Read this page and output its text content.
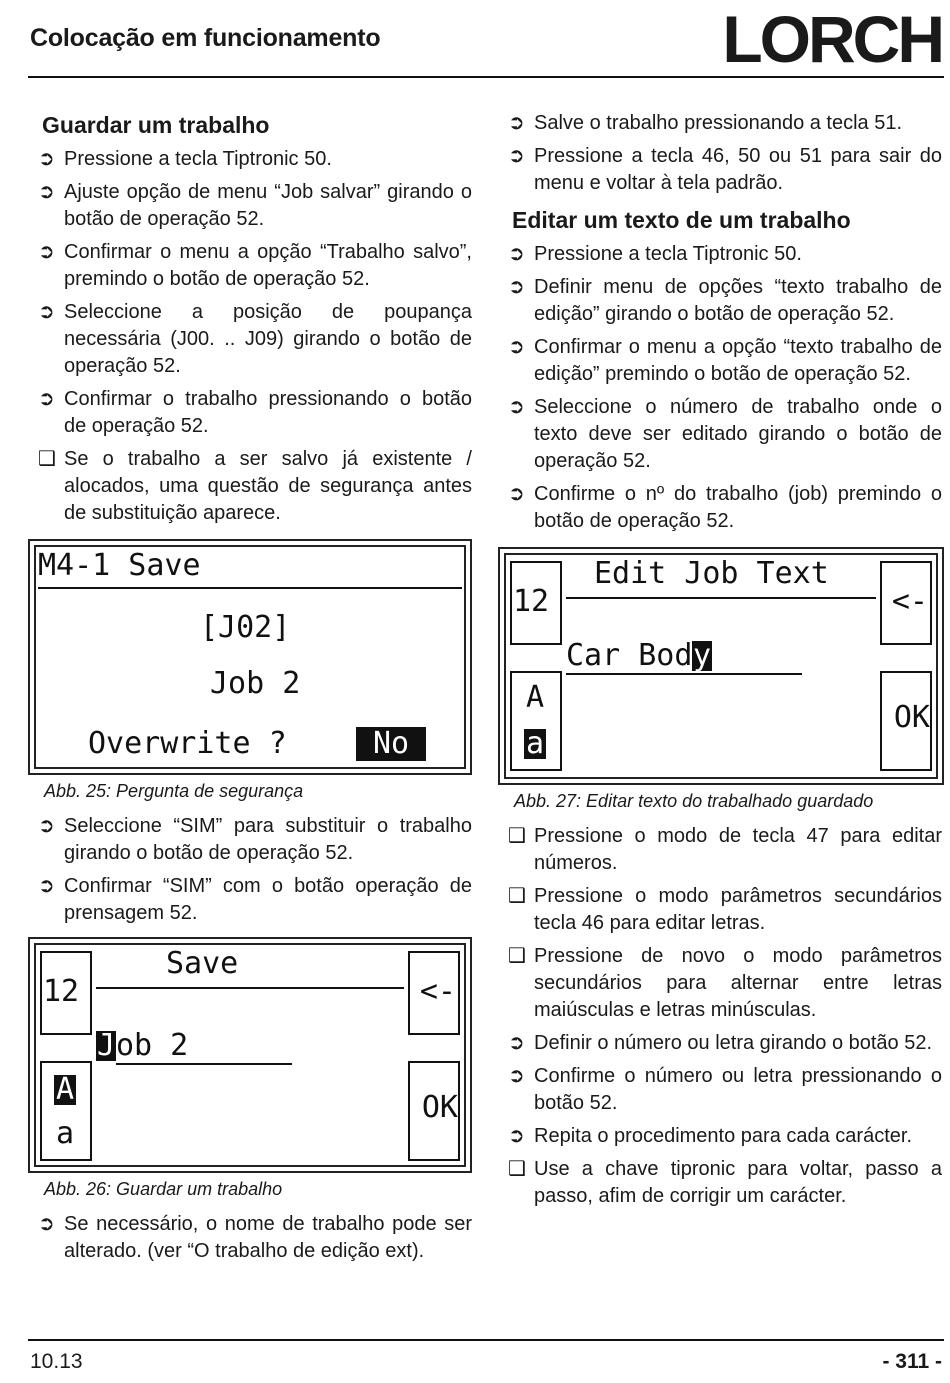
Colocação em funcionamento	LORCH
Guardar um trabalho
➲ Pressione a tecla Tiptronic 50.
➲ Ajuste opção de menu “Job salvar” girando o botão de operação 52.
➲ Confirmar o menu a opção “Trabalho salvo”, premindo o botão de operação 52.
➲ Seleccione a posição de poupança necessária (J00. .. J09) girando o botão de operação 52.
➲ Confirmar o trabalho pressionando o botão de operação 52.
❑ Se o trabalho a ser salvo já existente / alocados, uma questão de segurança antes de substituição aparece.
M4-1 Save
[J02]
Job 2
Overwrite ?	No
Abb. 25: Pergunta de segurança
➲ Seleccione “SIM” para substituir o trabalho girando o botão de operação 52.
➲ Confirmar “SIM” com o botão operação de prensagem 52.
12
Save
<-
J ob 2
A
a
OK
Abb. 26: Guardar um trabalho
➲ Se necessário, o nome de trabalho pode ser alterado. (ver “O trabalho de edição ext).
➲ Salve o trabalho pressionando a tecla 51.
➲ Pressione a tecla 46, 50 ou 51 para sair do menu e voltar à tela padrão.
Editar um texto de um trabalho
➲ Pressione a tecla Tiptronic 50.
➲ Definir menu de opções “texto trabalho de edição” girando o botão de operação 52.
➲ Confirmar o menu a opção “texto trabalho de edição” premindo o botão de operação 52.
➲ Seleccione o número de trabalho onde o texto deve ser editado girando o botão de operação 52.
➲ Confirme o nº do trabalho (job) premindo o botão de operação 52.
12
Edit Job Text
<-
Car Bod y
A
a
OK
Abb. 27: Editar texto do trabalhado guardado
❑ Pressione o modo de tecla 47 para editar números.
❑ Pressione o modo parâmetros secundários tecla 46 para editar letras.
❑ Pressione de novo o modo parâmetros secundários para alternar entre letras maiúsculas e letras minúsculas.
➲ Definir o número ou letra girando o botão 52.
➲ Confirme o número ou letra pressionando o botão 52.
➲ Repita o procedimento para cada carácter.
❑ Use a chave tipronic para voltar, passo a passo, afim de corrigir um carácter.
10.13	- 311 -
